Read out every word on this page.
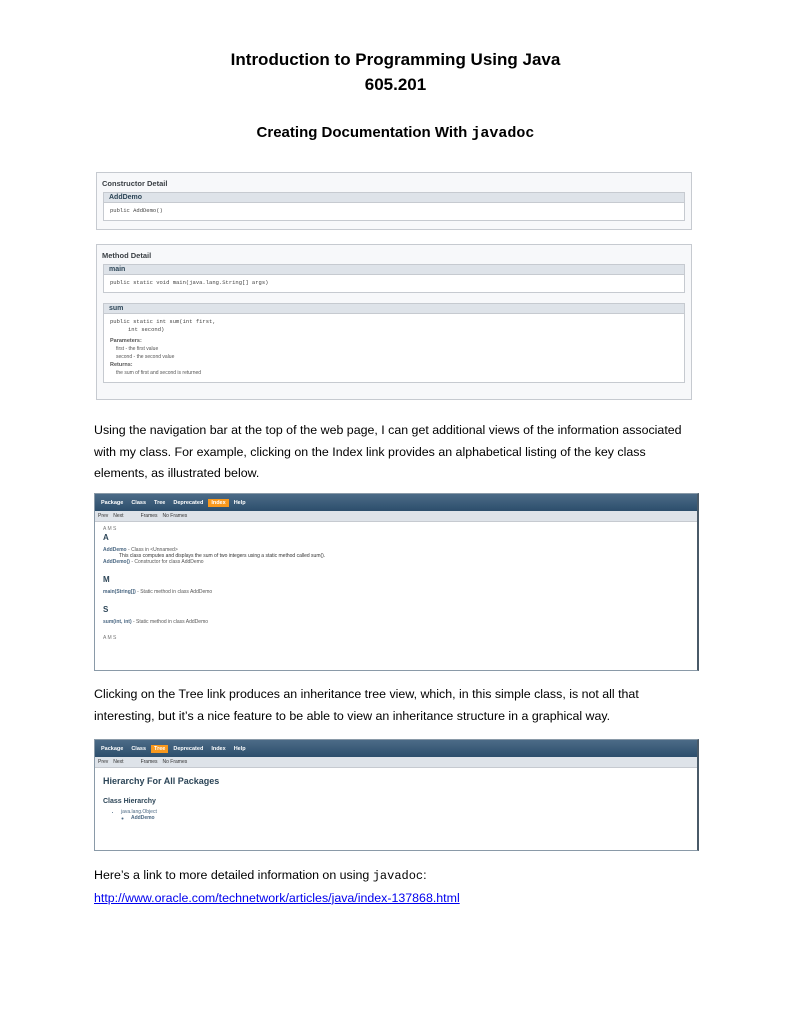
Introduction to Programming Using Java
605.201
Creating Documentation With javadoc
Constructor Detail
AddDemo
public AddDemo()
Method Detail
main
public static void main(java.lang.String[] args)
sum
public static int sum(int first,
int second)
Parameters:
first - the first value
second - the second value
Returns:
the sum of first and second is returned
Using the navigation bar at the top of the web page, I can get additional views of the information associated with my class. For example, clicking on the Index link provides an alphabetical listing of the key class elements, as illustrated below.
Package	Class	Tree	Deprecated	Index	Help
Prev Next	Frames No Frames
A M S
A
AddDemo - Class in <Unnamed>
This class computes and displays the sum of two integers using a static method called sum().
AddDemo() - Constructor for class AddDemo
M
main(String[]) - Static method in class AddDemo
S
sum(int, int) - Static method in class AddDemo
A M S
Clicking on the Tree link produces an inheritance tree view, which, in this simple class, is not all that interesting, but it’s a nice feature to be able to view an inheritance structure in a graphical way.
Package	Class	Tree	Deprecated	Index	Help
Prev Next	Frames No Frames
Hierarchy For All Packages
Class Hierarchy
• java.lang.Object
◦ AddDemo
Here’s a link to more detailed information on using javadoc:
http://www.oracle.com/technetwork/articles/java/index-137868.html
